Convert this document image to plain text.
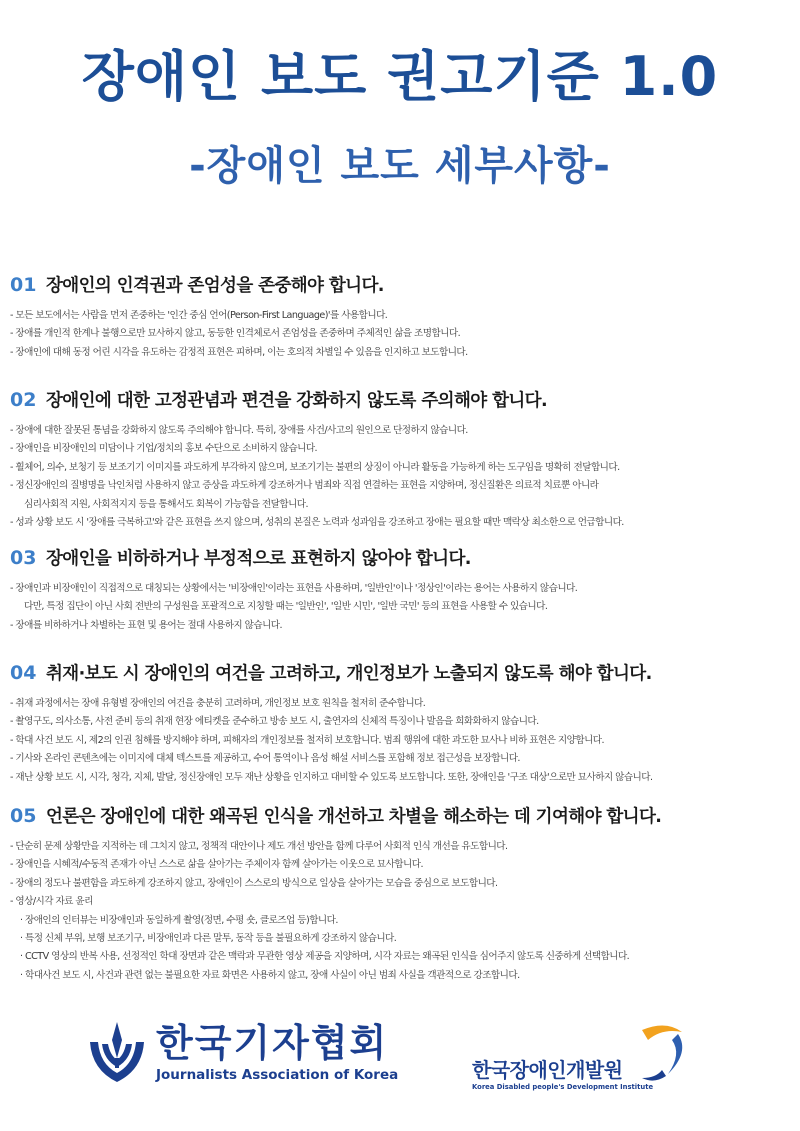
장애인 보도 권고기준 1.0
-장애인 보도 세부사항-
01 장애인의 인격권과 존엄성을 존중해야 합니다.
- 모든 보도에서는 사람을 먼저 존중하는 '인간 중심 언어(Person-First Language)'를 사용합니다.
- 장애를 개인적 한계나 불행으로만 묘사하지 않고, 동등한 인격체로서 존엄성을 존중하며 주체적인 삶을 조명합니다.
- 장애인에 대해 동정 어린 시각을 유도하는 감정적 표현은 피하며, 이는 호의적 차별일 수 있음을 인지하고 보도합니다.
02 장애인에 대한 고정관념과 편견을 강화하지 않도록 주의해야 합니다.
- 장애에 대한 잘못된 통념을 강화하지 않도록 주의해야 합니다. 특히, 장애를 사건/사고의 원인으로 단정하지 않습니다.
- 장애인을 비장애인의 미담이나 기업/정치의 홍보 수단으로 소비하지 않습니다.
- 휠체어, 의수, 보청기 등 보조기기 이미지를 과도하게 부각하지 않으며, 보조기기는 불편의 상징이 아니라 활동을 가능하게 하는 도구임을 명확히 전달합니다.
- 정신장애인의 질병명을 낙인처럼 사용하지 않고 증상을 과도하게 강조하거나 범죄와 직접 연결하는 표현을 지양하며, 정신질환은 의료적 치료뿐 아니라
심리사회적 지원, 사회적지지 등을 통해서도 회복이 가능함을 전달합니다.
- 성과 상황 보도 시 '장애를 극복하고'와 같은 표현을 쓰지 않으며, 성취의 본질은 노력과 성과임을 강조하고 장애는 필요할 때만 맥락상 최소한으로 언급합니다.
03 장애인을 비하하거나 부정적으로 표현하지 않아야 합니다.
- 장애인과 비장애인이 직접적으로 대칭되는 상황에서는 '비장애인'이라는 표현을 사용하며, '일반인'이나 '정상인'이라는 용어는 사용하지 않습니다.
다만, 특정 집단이 아닌 사회 전반의 구성원을 포괄적으로 지칭할 때는 '일반인', '일반 시민', '일반 국민' 등의 표현을 사용할 수 있습니다.
- 장애를 비하하거나 차별하는 표현 및 용어는 절대 사용하지 않습니다.
04 취재·보도 시 장애인의 여건을 고려하고, 개인정보가 노출되지 않도록 해야 합니다.
- 취재 과정에서는 장애 유형별 장애인의 여건을 충분히 고려하며, 개인정보 보호 원칙을 철저히 준수합니다.
- 촬영구도, 의사소통, 사전 준비 등의 취재 현장 에티켓을 준수하고 방송 보도 시, 출연자의 신체적 특징이나 발음을 희화화하지 않습니다.
- 학대 사건 보도 시, 제2의 인권 침해를 방지해야 하며, 피해자의 개인정보를 철저히 보호합니다. 범죄 행위에 대한 과도한 묘사나 비하 표현은 지양합니다.
- 기사와 온라인 콘텐츠에는 이미지에 대체 텍스트를 제공하고, 수어 통역이나 음성 해설 서비스를 포함해 정보 접근성을 보장합니다.
- 재난 상황 보도 시, 시각, 청각, 지체, 발달, 정신장애인 모두 재난 상황을 인지하고 대비할 수 있도록 보도합니다. 또한, 장애인을 '구조 대상'으로만 묘사하지 않습니다.
05 언론은 장애인에 대한 왜곡된 인식을 개선하고 차별을 해소하는 데 기여해야 합니다.
- 단순히 문제 상황만을 지적하는 데 그치지 않고, 정책적 대안이나 제도 개선 방안을 함께 다루어 사회적 인식 개선을 유도합니다.
- 장애인을 시혜적/수동적 존재가 아닌 스스로 삶을 살아가는 주체이자 함께 살아가는 이웃으로 묘사합니다.
- 장애의 정도나 불편함을 과도하게 강조하지 않고, 장애인이 스스로의 방식으로 일상을 살아가는 모습을 중심으로 보도합니다.
- 영상/시각 자료 윤리
· 장애인의 인터뷰는 비장애인과 동일하게 촬영(정면, 수평 숏, 클로즈업 등)합니다.
· 특정 신체 부위, 보행 보조기구, 비장애인과 다른 말투, 동작 등을 불필요하게 강조하지 않습니다.
· CCTV 영상의 반복 사용, 선정적인 학대 장면과 같은 맥락과 무관한 영상 제공을 지양하며, 시각 자료는 왜곡된 인식을 심어주지 않도록 신중하게 선택합니다.
· 학대사건 보도 시, 사건과 관련 없는 불필요한 자료 화면은 사용하지 않고, 장애 사실이 아닌 범죄 사실을 객관적으로 강조합니다.
한국기자협회
Journalists Association of Korea	한국장애인개발원
Korea Disabled people's Development Institute
